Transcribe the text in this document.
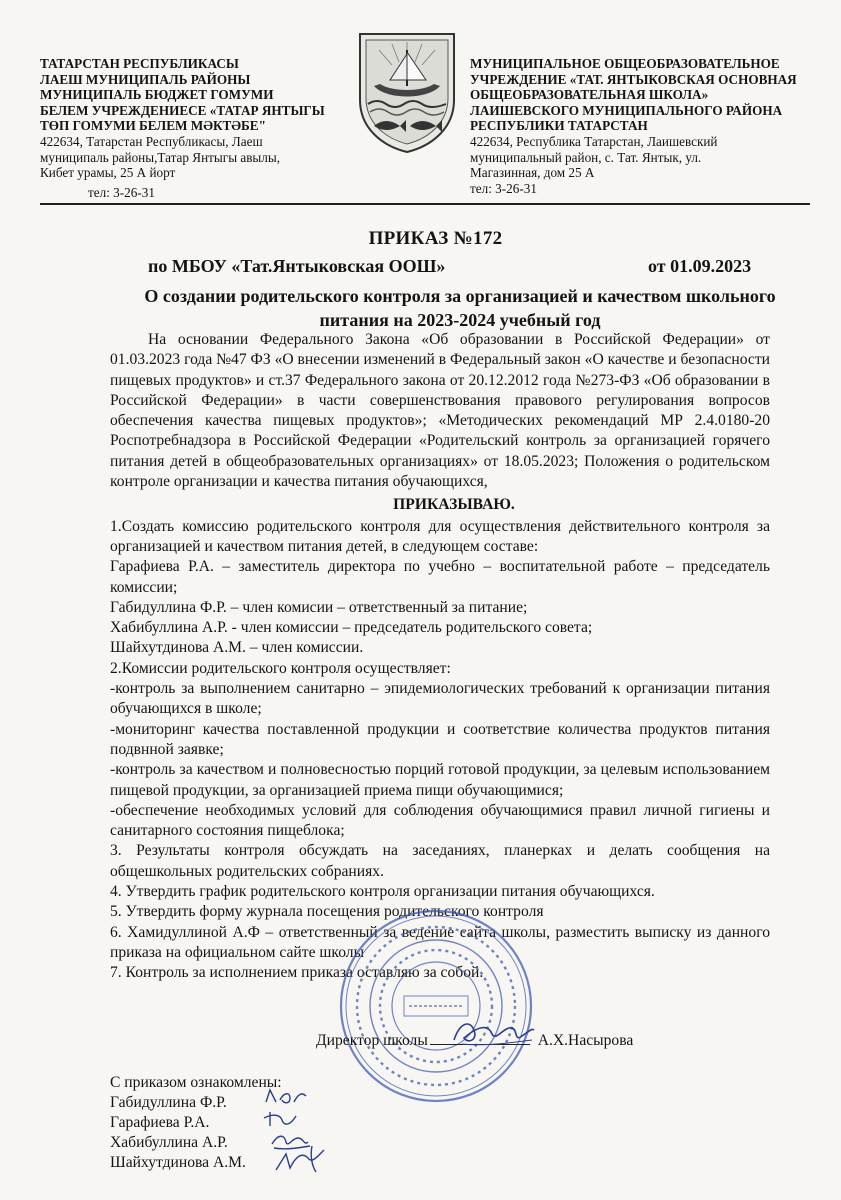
ТАТАРСТАН РЕСПУБЛИКАСЫ
ЛАЕШ МУНИЦИПАЛЬ РАЙОНЫ
МУНИЦИПАЛЬ БЮДЖЕТ ГОМУМИ
БЕЛЕМ УЧРЕЖДЕНИЕСЕ «ТАТАР ЯНТЫГЫ
ТӨП ГОМУМИ БЕЛЕМ МӘКТӘБЕ"
422634, Татарстан Республикасы, Лаеш
муниципаль районы,Татар Янтыгы авылы,
Кибет урамы, 25 А йорт
тел: 3-26-31
МУНИЦИПАЛЬНОЕ ОБЩЕОБРАЗОВАТЕЛЬНОЕ
УЧРЕЖДЕНИЕ «ТАТ. ЯНТЫКОВСКАЯ ОСНОВНАЯ
ОБЩЕОБРАЗОВАТЕЛЬНАЯ ШКОЛА»
ЛАИШЕВСКОГО МУНИЦИПАЛЬНОГО РАЙОНА
РЕСПУБЛИКИ ТАТАРСТАН
422634, Республика Татарстан, Лаишевский
муниципальный район, с. Тат. Янтык, ул.
Магазинная, дом 25 А
тел: 3-26-31
ПРИКАЗ №172
по МБОУ «Тат.Янтыковская ООШ»	от 01.09.2023
О создании родительского контроля за организацией и качеством школьного питания на 2023-2024 учебный год

На основании Федерального Закона «Об образовании в Российской Федерации» от 01.03.2023 года №47 ФЗ «О внесении изменений в Федеральный закон «О качестве и безопасности пищевых продуктов» и ст.37 Федерального закона от 20.12.2012 года №273-ФЗ «Об образовании в Российской Федерации» в части совершенствования правового регулирования вопросов обеспечения качества пищевых продуктов»; «Методических рекомендаций МР 2.4.0180-20 Роспотребнадзора в Российской Федерации «Родительский контроль за организацией горячего питания детей в общеобразовательных организациях» от 18.05.2023; Положения о родительском контроле организации и качества питания обучающихся,

ПРИКАЗЫВАЮ.

1.Создать комиссию родительского контроля для осуществления действительного контроля за организацией и качеством питания детей, в следующем составе:

Гарафиева Р.А. – заместитель директора по учебно – воспитательной работе – председатель комиссии;

Габидуллина Ф.Р. – член комисии – ответственный за питание;

Хабибуллина А.Р. - член комиссии – председатель родительского совета;

Шайхутдинова А.М. – член комиссии.

2.Комиссии родительского контроля осуществляет:

-контроль за выполнением санитарно – эпидемиологических требований к организации питания обучающихся в школе;

-мониторинг качества поставленной продукции и соответствие количества продуктов питания подвнной заявке;

-контроль за качеством и полновесностью порций готовой продукции, за целевым использованием пищевой продукции, за организацией приема пищи обучающимися;

-обеспечение необходимых условий для соблюдения обучающимися правил личной гигиены и санитарного состояния пищеблока;

3. Результаты контроля обсуждать на заседаниях, планерках и делать сообщения на общешкольных родительских собраниях.

4. Утвердить график родительского контроля организации питания обучающихся.

5. Утвердить форму журнала посещения родительского контроля

6. Хамидуллиной А.Ф – ответственный за ведение сайта школы, разместить выписку из данного приказа на официальном сайте школы

7. Контроль за исполнением приказа оставляю за собой.

Директор школы	А.Х.Насырова

С приказом ознакомлены:

Габидуллина Ф.Р.

Гарафиева Р.А.

Хабибуллина А.Р.

Шайхутдинова А.М.
